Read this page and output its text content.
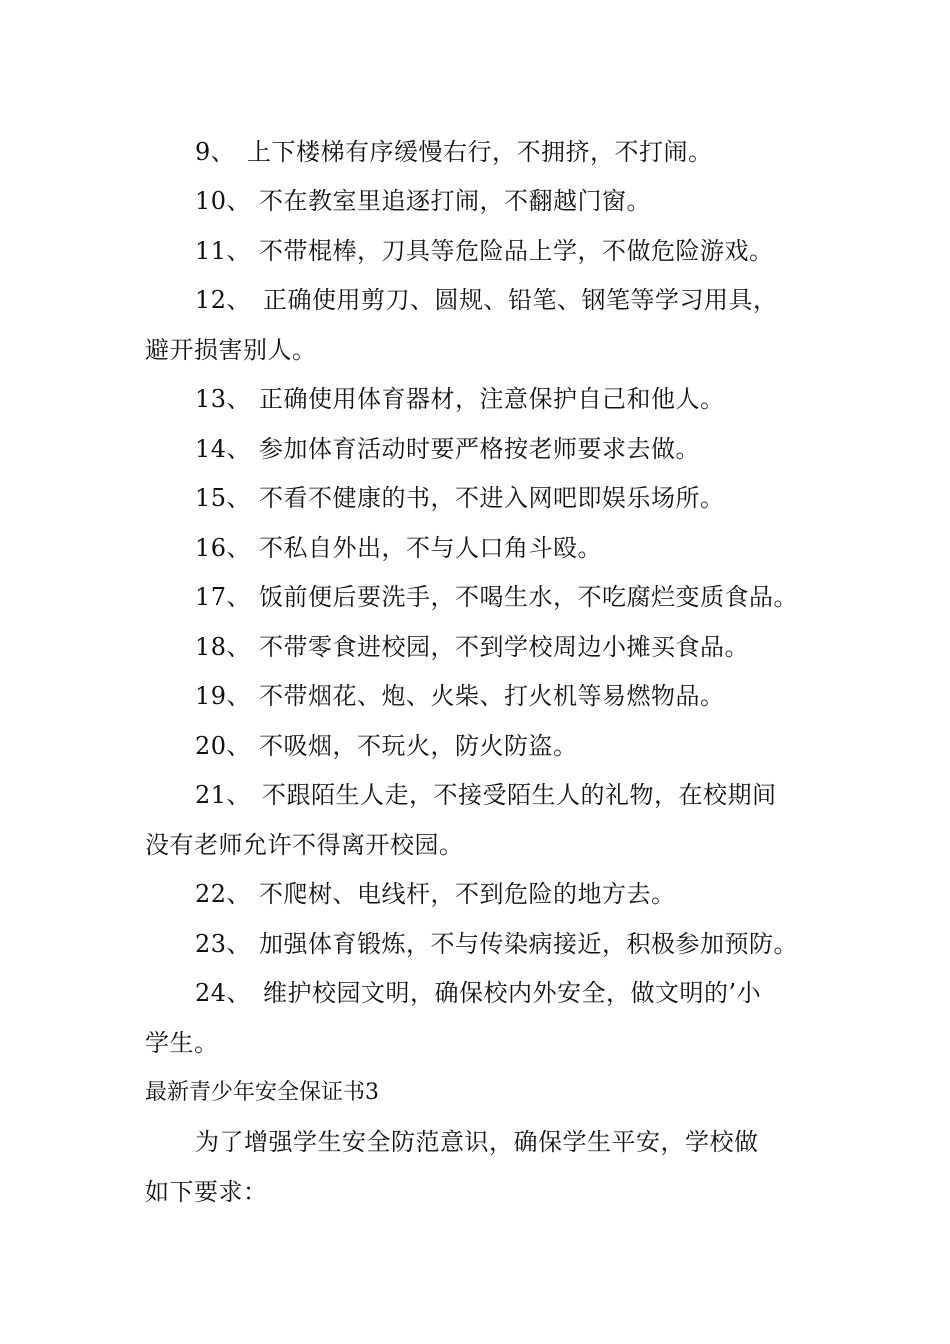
9、 上下楼梯有序缓慢右行，不拥挤，不打闹。
10、 不在教室里追逐打闹，不翻越门窗。
11、 不带棍棒，刀具等危险品上学，不做危险游戏。
12、 正确使用剪刀、圆规、铅笔、钢笔等学习用具，
避开损害别人。
13、 正确使用体育器材，注意保护自己和他人。
14、 参加体育活动时要严格按老师要求去做。
15、 不看不健康的书，不进入网吧即娱乐场所。
16、 不私自外出，不与人口角斗殴。
17、 饭前便后要洗手，不喝生水，不吃腐烂变质食品。
18、 不带零食进校园，不到学校周边小摊买食品。
19、 不带烟花、炮、火柴、打火机等易燃物品。
20、 不吸烟，不玩火，防火防盗。
21、 不跟陌生人走，不接受陌生人的礼物，在校期间
没有老师允许不得离开校园。
22、 不爬树、电线杆，不到危险的地方去。
23、 加强体育锻炼，不与传染病接近，积极参加预防。
24、 维护校园文明，确保校内外安全，做文明的’小
学生。
最新青少年安全保证书3
为了增强学生安全防范意识，确保学生平安，学校做
如下要求：
